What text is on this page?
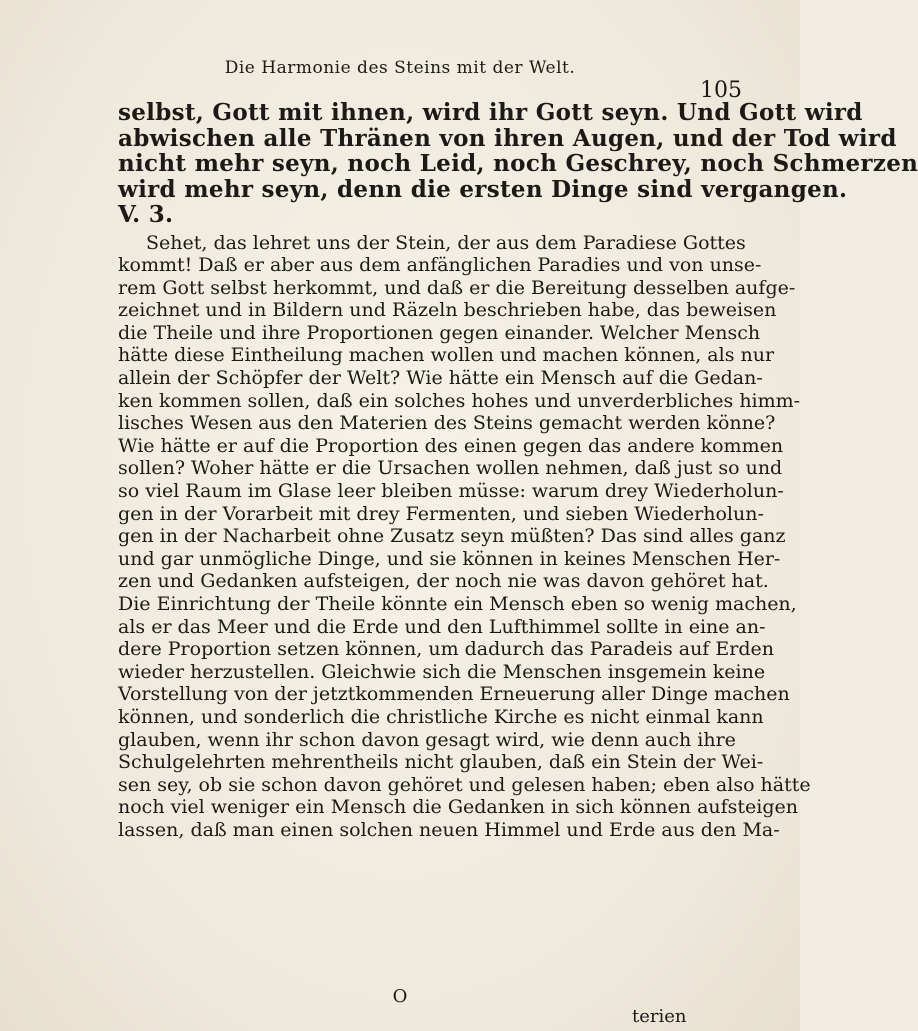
Die Harmonie des Steins mit der Welt.
105

selbst, Gott mit ihnen, wird ihr Gott seyn. Und Gott wird
abwischen alle Thränen von ihren Augen, und der Tod wird
nicht mehr seyn, noch Leid, noch Geschrey, noch Schmerzen
wird mehr seyn, denn die ersten Dinge sind vergangen.
V. 3.

Sehet, das lehret uns der Stein, der aus dem Paradiese Gottes
kommt! Daß er aber aus dem anfänglichen Paradies und von unse-
rem Gott selbst herkommt, und daß er die Bereitung desselben aufge-
zeichnet und in Bildern und Räzeln beschrieben habe, das beweisen
die Theile und ihre Proportionen gegen einander. Welcher Mensch
hätte diese Eintheilung machen wollen und machen können, als nur
allein der Schöpfer der Welt? Wie hätte ein Mensch auf die Gedan-
ken kommen sollen, daß ein solches hohes und unverderbliches himm-
lisches Wesen aus den Materien des Steins gemacht werden könne?
Wie hätte er auf die Proportion des einen gegen das andere kommen
sollen? Woher hätte er die Ursachen wollen nehmen, daß just so und
so viel Raum im Glase leer bleiben müsse: warum drey Wiederholun-
gen in der Vorarbeit mit drey Fermenten, und sieben Wiederholun-
gen in der Nacharbeit ohne Zusatz seyn müßten? Das sind alles ganz
und gar unmögliche Dinge, und sie können in keines Menschen Her-
zen und Gedanken aufsteigen, der noch nie was davon gehöret hat.
Die Einrichtung der Theile könnte ein Mensch eben so wenig machen,
als er das Meer und die Erde und den Lufthimmel sollte in eine an-
dere Proportion setzen können, um dadurch das Paradeis auf Erden
wieder herzustellen. Gleichwie sich die Menschen insgemein keine
Vorstellung von der jetztkommenden Erneuerung aller Dinge machen
können, und sonderlich die christliche Kirche es nicht einmal kann
glauben, wenn ihr schon davon gesagt wird, wie denn auch ihre
Schulgelehrten mehrentheils nicht glauben, daß ein Stein der Wei-
sen sey, ob sie schon davon gehöret und gelesen haben; eben also hätte
noch viel weniger ein Mensch die Gedanken in sich können aufsteigen
lassen, daß man einen solchen neuen Himmel und Erde aus den Ma-

O
terien
